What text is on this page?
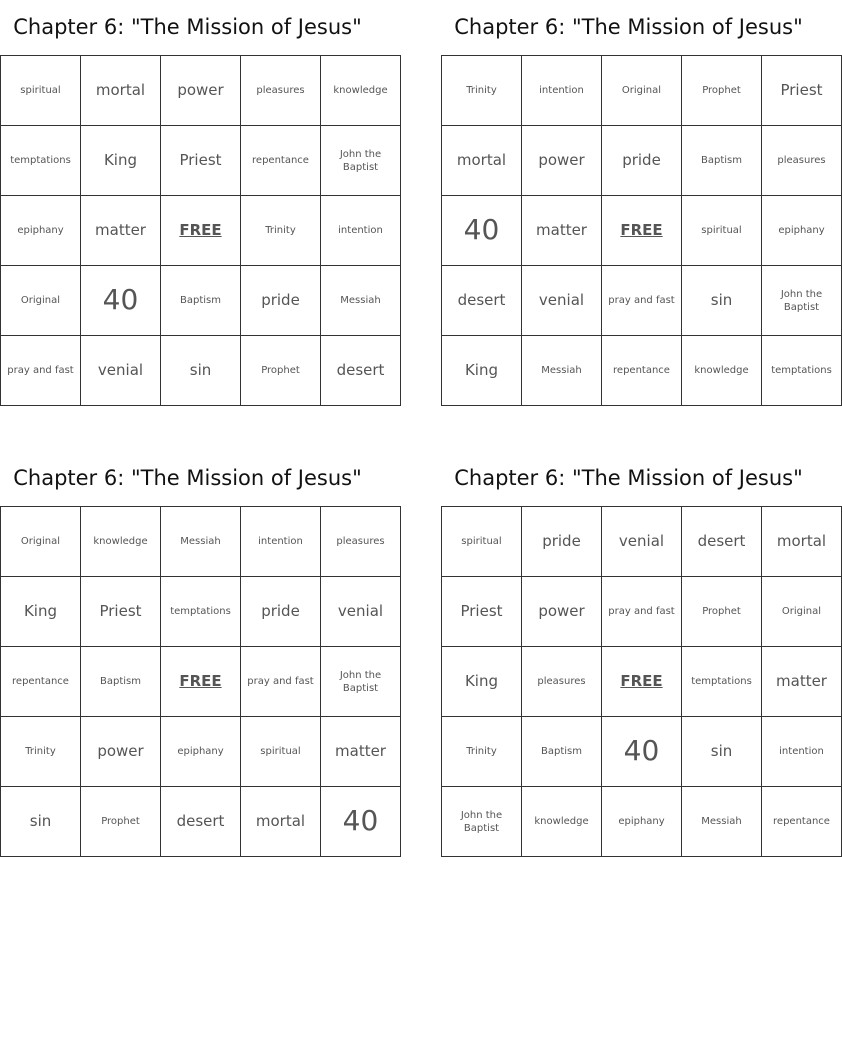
Chapter 6: "The Mission of Jesus"
spiritual	mortal	power	pleasures	knowledge
temptations	King	Priest	repentance	John the Baptist
epiphany	matter	FREE	Trinity	intention
Original	40	Baptism	pride	Messiah
pray and fast	venial	sin	Prophet	desert
Chapter 6: "The Mission of Jesus"
Trinity	intention	Original	Prophet	Priest
mortal	power	pride	Baptism	pleasures
40	matter	FREE	spiritual	epiphany
desert	venial	pray and fast	sin	John the Baptist
King	Messiah	repentance	knowledge	temptations
Chapter 6: "The Mission of Jesus"
Original	knowledge	Messiah	intention	pleasures
King	Priest	temptations	pride	venial
repentance	Baptism	FREE	pray and fast	John the Baptist
Trinity	power	epiphany	spiritual	matter
sin	Prophet	desert	mortal	40
Chapter 6: "The Mission of Jesus"
spiritual	pride	venial	desert	mortal
Priest	power	pray and fast	Prophet	Original
King	pleasures	FREE	temptations	matter
Trinity	Baptism	40	sin	intention
John the Baptist	knowledge	epiphany	Messiah	repentance
